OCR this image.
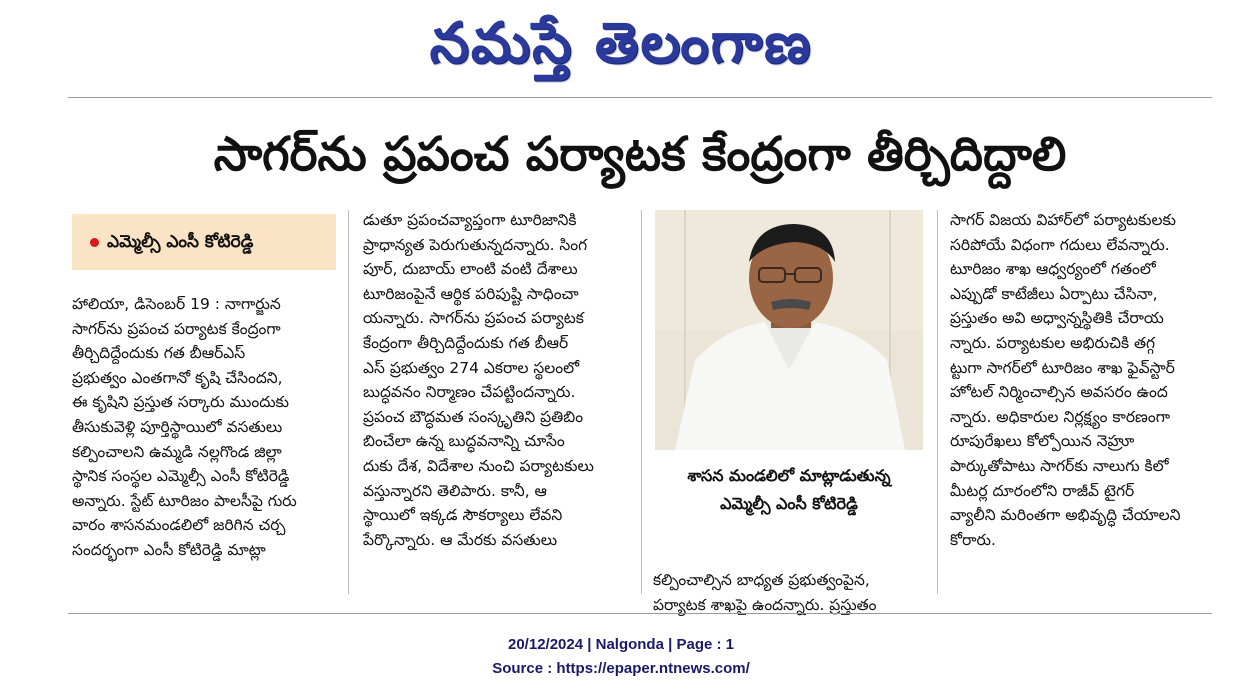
నమస్తే తెలంగాణ
సాగర్‌ను ప్రపంచ పర్యాటక కేంద్రంగా తీర్చిదిద్దాలి
ఎమ్మెల్సీ ఎంసీ కోటిరెడ్డి

హాలియా, డిసెంబర్ 19 : నాగార్జున

సాగర్‌ను ప్రపంచ పర్యాటక కేంద్రంగా

తీర్చిదిద్దేందుకు గత బీఆర్ఎస్

ప్రభుత్వం ఎంతగానో కృషి చేసిందని,

ఈ కృషిని ప్రస్తుత సర్కారు ముందుకు

తీసుకువెళ్లి పూర్తిస్థాయిలో వసతులు

కల్పించాలని ఉమ్మడి నల్లగొండ జిల్లా

స్థానిక సంస్థల ఎమ్మెల్సీ ఎంసీ కోటిరెడ్డి

అన్నారు. స్టేట్ టూరిజం పాలసీపై గురు

వారం శాసనమండలిలో జరిగిన చర్చ

సందర్భంగా ఎంసీ కోటిరెడ్డి మాట్లా

డుతూ ప్రపంచవ్యాప్తంగా టూరిజానికి

ప్రాధాన్యత పెరుగుతున్నదన్నారు. సింగ

పూర్, దుబాయ్ లాంటి వంటి దేశాలు

టూరిజంపైనే ఆర్థిక పరిపుష్టి సాధించా

యన్నారు. సాగర్‌ను ప్రపంచ పర్యాటక

కేంద్రంగా తీర్చిదిద్దేందుకు గత బీఆర్

ఎస్ ప్రభుత్వం 274 ఎకరాల స్థలంలో

బుద్ధవనం నిర్మాణం చేపట్టిందన్నారు.

ప్రపంచ బౌద్ధమత సంస్కృతిని ప్రతిబిం

బించేలా ఉన్న బుద్ధవనాన్ని చూసేం

దుకు దేశ, విదేశాల నుంచి పర్యాటకులు

వస్తున్నారని తెలిపారు. కానీ, ఆ

స్థాయిలో ఇక్కడ సౌకర్యాలు లేవని

పేర్కొన్నారు. ఆ మేరకు వసతులు

శాసన మండలిలో మాట్లాడుతున్న

ఎమ్మెల్సీ ఎంసీ కోటిరెడ్డి

కల్పించాల్సిన బాధ్యత ప్రభుత్వంపైన,

పర్యాటక శాఖపై ఉందన్నారు. ప్రస్తుతం

సాగర్ విజయ విహార్‌లో పర్యాటకులకు

సరిపోయే విధంగా గదులు లేవన్నారు.

టూరిజం శాఖ ఆధ్వర్యంలో గతంలో

ఎప్పుడో కాటేజీలు ఏర్పాటు చేసినా,

ప్రస్తుతం అవి అధ్వాన్నస్థితికి చేరాయ

న్నారు. పర్యాటకుల అభిరుచికి తగ్గ

ట్టుగా సాగర్‌లో టూరిజం శాఖ ఫైవ్‌స్టార్

హోటల్ నిర్మించాల్సిన అవసరం ఉంద

న్నారు. అధికారుల నిర్లక్ష్యం కారణంగా

రూపురేఖలు కోల్పోయిన నెహ్రూ

పార్కుతోపాటు సాగర్‌కు నాలుగు కిలో

మీటర్ల దూరంలోని రాజీవ్ టైగర్

వ్యాలీని మరింతగా అభివృద్ధి చేయాలని

కోరారు.

20/12/2024 | Nalgonda | Page : 1
Source : https://epaper.ntnews.com/
